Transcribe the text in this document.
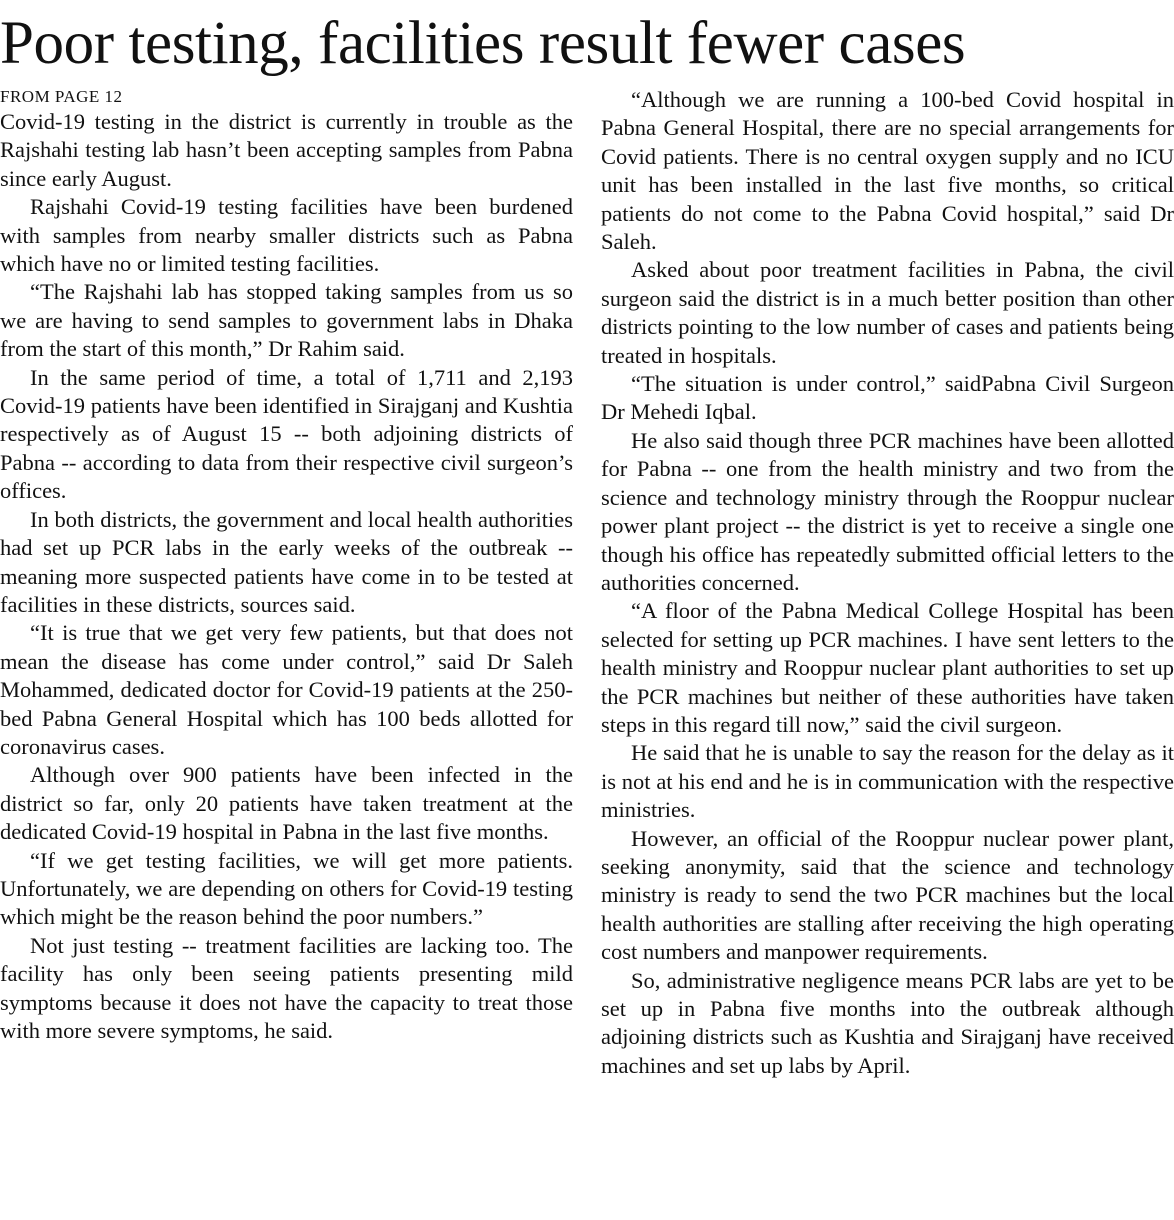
Poor testing, facilities result fewer cases
FROM PAGE 12

Covid-19 testing in the district is currently in trouble as the Rajshahi testing lab hasn’t been accepting samples from Pabna since early August.

Rajshahi Covid-19 testing facilities have been burdened with samples from nearby smaller districts such as Pabna which have no or limited testing facilities.

“The Rajshahi lab has stopped taking samples from us so we are having to send samples to government labs in Dhaka from the start of this month,” Dr Rahim said.

In the same period of time, a total of 1,711 and 2,193 Covid-19 patients have been identified in Sirajganj and Kushtia respectively as of August 15 -- both adjoining districts of Pabna -- according to data from their respective civil surgeon’s offices.

In both districts, the government and local health authorities had set up PCR labs in the early weeks of the outbreak -- meaning more suspected patients have come in to be tested at facilities in these districts, sources said.

“It is true that we get very few patients, but that does not mean the disease has come under control,” said Dr Saleh Mohammed, dedicated doctor for Covid-19 patients at the 250-bed Pabna General Hospital which has 100 beds allotted for coronavirus cases.

Although over 900 patients have been infected in the district so far, only 20 patients have taken treatment at the dedicated Covid-19 hospital in Pabna in the last five months.

“If we get testing facilities, we will get more patients. Unfortunately, we are depending on others for Covid-19 testing which might be the reason behind the poor numbers.”

Not just testing -- treatment facilities are lacking too. The facility has only been seeing patients presenting mild symptoms because it does not have the capacity to treat those with more severe symptoms, he said.

“Although we are running a 100-bed Covid hospital in Pabna General Hospital, there are no special arrangements for Covid patients. There is no central oxygen supply and no ICU unit has been installed in the last five months, so critical patients do not come to the Pabna Covid hospital,” said Dr Saleh.

Asked about poor treatment facilities in Pabna, the civil surgeon said the district is in a much better position than other districts pointing to the low number of cases and patients being treated in hospitals.

“The situation is under control,” saidPabna Civil Surgeon Dr Mehedi Iqbal.

He also said though three PCR machines have been allotted for Pabna -- one from the health ministry and two from the science and technology ministry through the Rooppur nuclear power plant project -- the district is yet to receive a single one though his office has repeatedly submitted official letters to the authorities concerned.

“A floor of the Pabna Medical College Hospital has been selected for setting up PCR machines. I have sent letters to the health ministry and Rooppur nuclear plant authorities to set up the PCR machines but neither of these authorities have taken steps in this regard till now,” said the civil surgeon.

He said that he is unable to say the reason for the delay as it is not at his end and he is in communication with the respective ministries.

However, an official of the Rooppur nuclear power plant, seeking anonymity, said that the science and technology ministry is ready to send the two PCR machines but the local health authorities are stalling after receiving the high operating cost numbers and manpower requirements.

So, administrative negligence means PCR labs are yet to be set up in Pabna five months into the outbreak although adjoining districts such as Kushtia and Sirajganj have received machines and set up labs by April.
